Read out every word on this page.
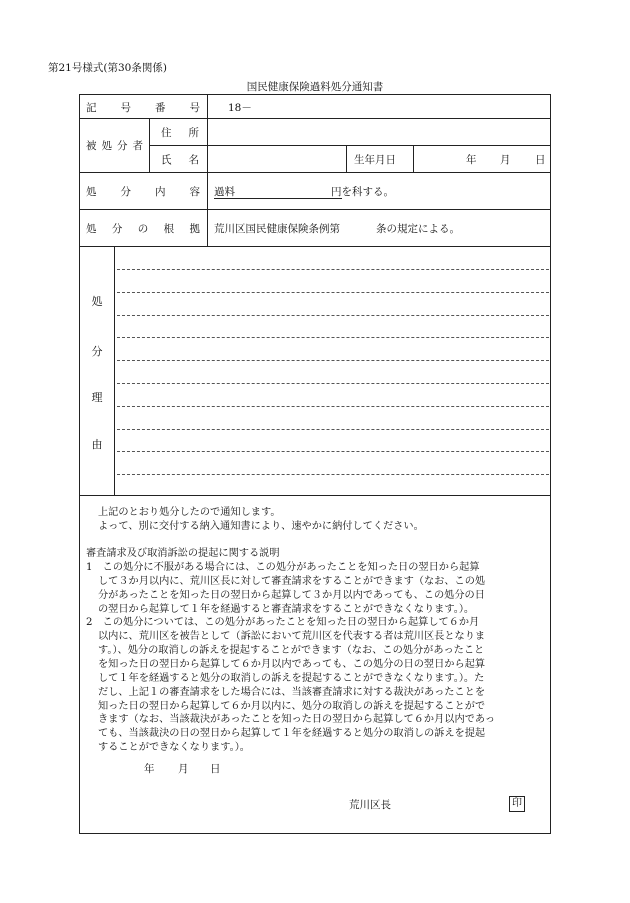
第21号様式(第30条関係)
国民健康保険過料処分通知書
記 号 番 号	18－
被 処 分 者
住 所
氏 名	生年月日	年 月 日
処 分 内 容 過料	円を科する。
処 分 の 根 拠 荒川区国民健康保険条例第	条の規定による。
処
分
理
由
上記のとおり処分したので通知します。
よって、別に交付する納入通知書により、速やかに納付してください。
審査請求及び取消訴訟の提起に関する説明
1　この処分に不服がある場合には、この処分があったことを知った日の翌日から起算
して３か月以内に、荒川区長に対して審査請求をすることができます（なお、この処
分があったことを知った日の翌日から起算して３か月以内であっても、この処分の日
の翌日から起算して１年を経過すると審査請求をすることができなくなります。）。
2　この処分については、この処分があったことを知った日の翌日から起算して６か月
以内に、荒川区を被告として（訴訟において荒川区を代表する者は荒川区長となりま
す。）、処分の取消しの訴えを提起することができます（なお、この処分があったこと
を知った日の翌日から起算して６か月以内であっても、この処分の日の翌日から起算
して１年を経過すると処分の取消しの訴えを提起することができなくなります。）。た
だし、上記１の審査請求をした場合には、当該審査請求に対する裁決があったことを
知った日の翌日から起算して６か月以内に、処分の取消しの訴えを提起することがで
きます（なお、当該裁決があったことを知った日の翌日から起算して６か月以内であっ
ても、当該裁決の日の翌日から起算して１年を経過すると処分の取消しの訴えを提起
することができなくなります。）。
年 月 日
荒川区長	印
